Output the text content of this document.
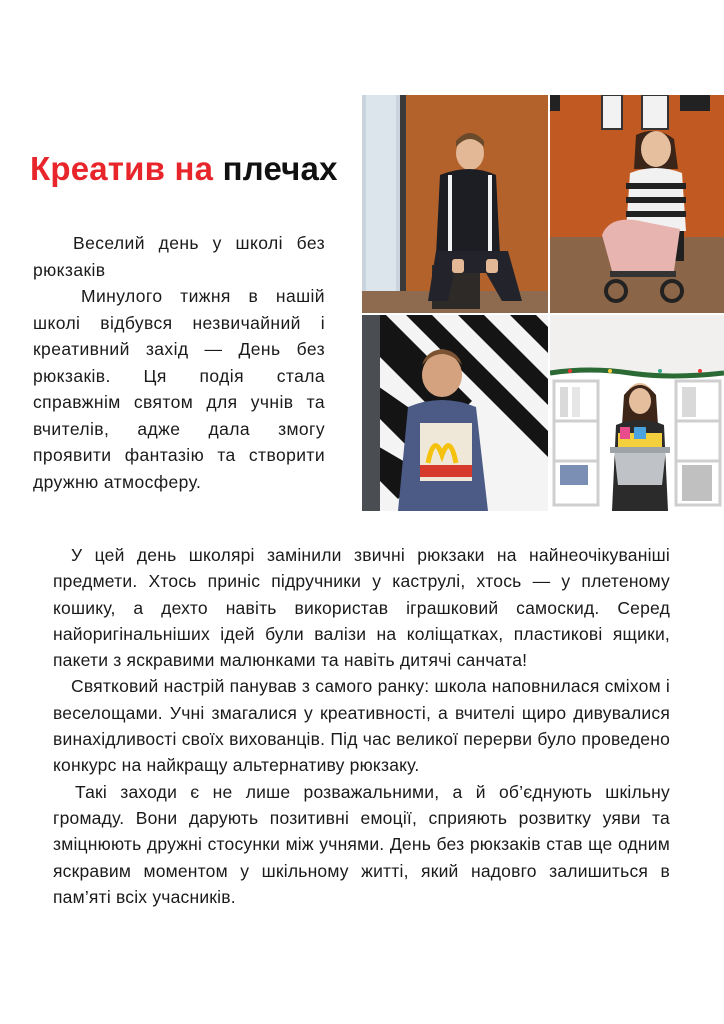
Креатив на плечах

Веселий день у школі без рюкзаків

Минулого тижня в нашій школі відбувся незвичайний і креативний захід — День без рюкзаків. Ця подія стала справжнім святом для учнів та вчителів, адже дала змогу проявити фантазію та створити дружню атмосферу.

У цей день школярі замінили звичні рюкзаки на найнеочікуваніші предмети. Хтось приніс підручники у каструлі, хтось — у плетеному кошику, а дехто навіть використав іграшковий самоскид. Серед найоригінальніших ідей були валізи на коліщатках, пластикові ящики, пакети з яскравими малюнками та навіть дитячі санчата!

Святковий настрій панував з самого ранку: школа наповнилася сміхом і веселощами. Учні змагалися у креативності, а вчителі щиро дивувалися винахідливості своїх вихованців. Під час великої перерви було проведено конкурс на найкращу альтернативу рюкзаку.

Такі заходи є не лише розважальними, а й об’єднують шкільну громаду. Вони дарують позитивні емоції, сприяють розвитку уяви та зміцнюють дружні стосунки між учнями. День без рюкзаків став ще одним яскравим моментом у шкільному житті, який надовго залишиться в пам’яті всіх учасників.
